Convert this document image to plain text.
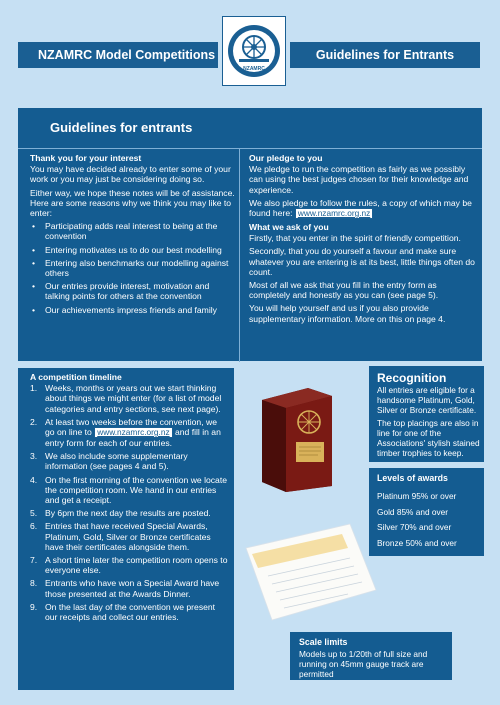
NZAMRC Model Competitions	Guidelines for Entrants
NZAMRC
Guidelines for entrants
Thank you for your interest

You may have decided already to enter some of your work or you may just be considering doing so.

Either way, we hope these notes will be of assistance. Here are some reasons why we think you may like to enter:

• Participating adds real interest to being at the convention
• Entering motivates us to do our best modelling
• Entering also benchmarks our modelling against others
• Our entries provide interest, motivation and talking points for others at the convention
• Our achievements impress friends and family
Our pledge to you

We pledge to run the competition as fairly as we possibly can using the best judges chosen for their knowledge and experience.

We also pledge to follow the rules, a copy of which may be found here: www.nzamrc.org.nz

What we ask of you

Firstly, that you enter in the spirit of friendly competition.

Secondly, that you do yourself a favour and make sure whatever you are entering is at its best, little things often do count.

Most of all we ask that you fill in the entry form as completely and honestly as you can (see page 5).

You will help yourself and us if you also provide supplementary information. More on this on page 4.

A competition timeline
1. Weeks, months or years out we start thinking about things we might enter (for a list of model categories and entry sections, see next page).
2. At least two weeks before the convention, we go on line to www.nzamrc.org.nz and fill in an entry form for each of our entries.
3. We also include some supplementary information (see pages 4 and 5).
4. On the first morning of the convention we locate the competition room. We hand in our entries and get a receipt.
5. By 6pm the next day the results are posted.
6. Entries that have received Special Awards, Platinum, Gold, Silver or Bronze certificates have their certificates alongside them.
7. A short time later the competition room opens to everyone else.
8. Entrants who have won a Special Award have those presented at the Awards Dinner.
9. On the last day of the convention we present our receipts and collect our entries.
Recognition

All entries are eligible for a handsome Platinum, Gold, Silver or Bronze certificate.

The top placings are also in line for one of the Associations' stylish stained timber trophies to keep.

Levels of awards
Platinum 95% or over
Gold 85% and over
Silver 70% and over
Bronze 50% and over
Scale limits
Models up to 1/20th of full size and running on 45mm gauge track are permitted
